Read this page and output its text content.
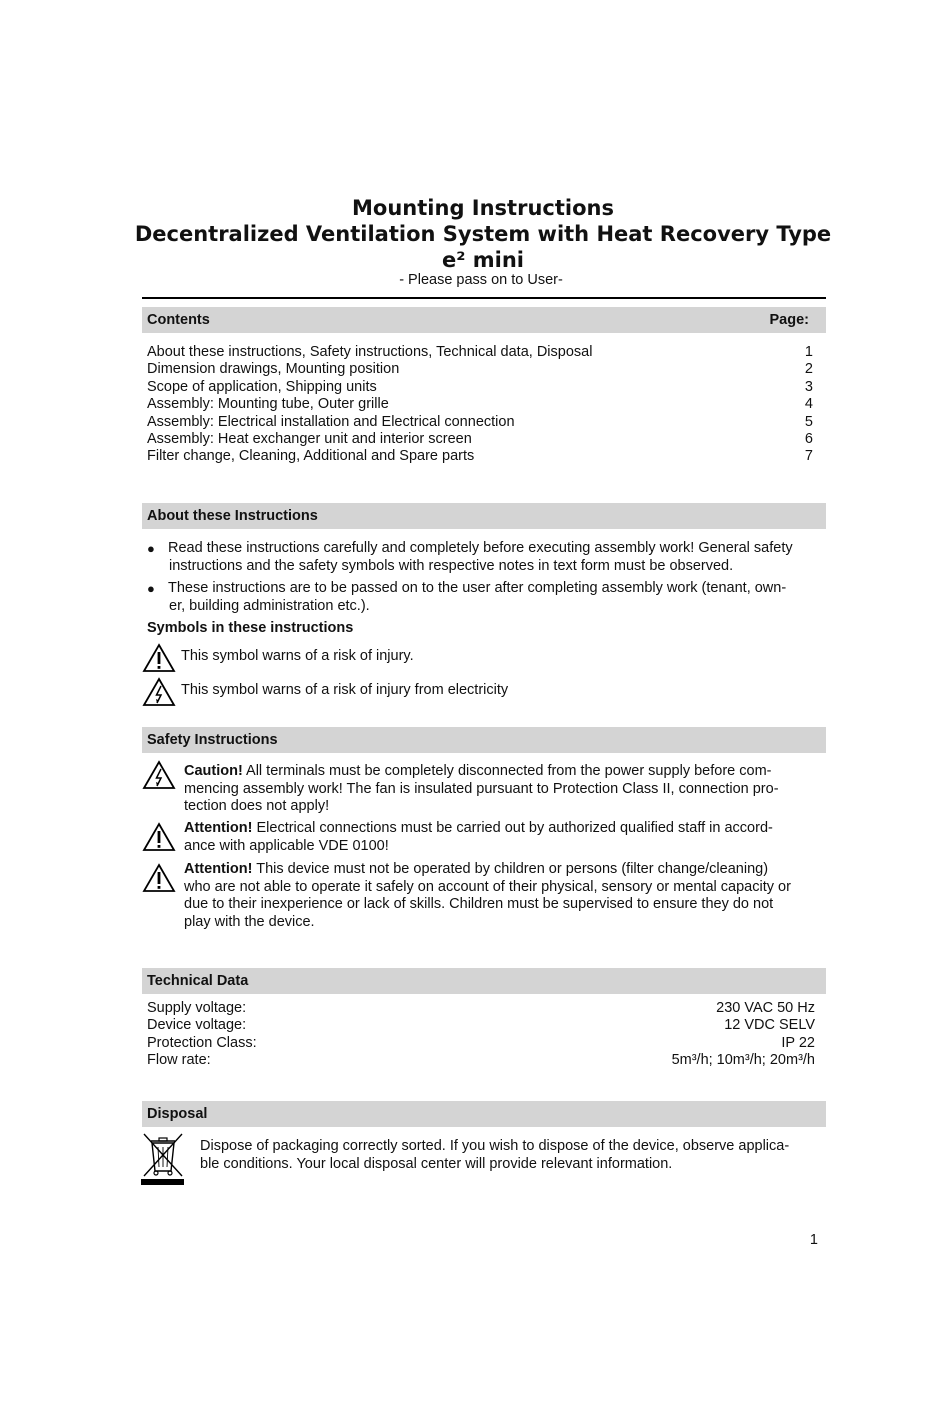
Mounting Instructions
Decentralized Ventilation System with Heat Recovery Type
e² mini
- Please pass on to User-
Contents	Page:
About these instructions, Safety instructions, Technical data, Disposal	1
Dimension drawings, Mounting position	2
Scope of application, Shipping units	3
Assembly: Mounting tube, Outer grille	4
Assembly: Electrical installation and Electrical connection	5
Assembly: Heat exchanger unit and interior screen	6
Filter change, Cleaning, Additional and Spare parts	7
About these Instructions
● Read these instructions carefully and completely before executing assembly work! General safety
instructions and the safety symbols with respective notes in text form must be observed.
● These instructions are to be passed on to the user after completing assembly work (tenant, own-
er, building administration etc.).
Symbols in these instructions
This symbol warns of a risk of injury.
This symbol warns of a risk of injury from electricity
Safety Instructions
Caution! All terminals must be completely disconnected from the power supply before com-
mencing assembly work! The fan is insulated pursuant to Protection Class II, connection pro-
tection does not apply!
Attention! Electrical connections must be carried out by authorized qualified staff in accord-
ance with applicable VDE 0100!
Attention! This device must not be operated by children or persons (filter change/cleaning)
who are not able to operate it safely on account of their physical, sensory or mental capacity or
due to their inexperience or lack of skills. Children must be supervised to ensure they do not
play with the device.
Technical Data
Supply voltage:	230 VAC 50 Hz
Device voltage:	12 VDC SELV
Protection Class:	IP 22
Flow rate:	5m³/h; 10m³/h; 20m³/h
Disposal
Dispose of packaging correctly sorted. If you wish to dispose of the device, observe applica-
ble conditions. Your local disposal center will provide relevant information.
1
